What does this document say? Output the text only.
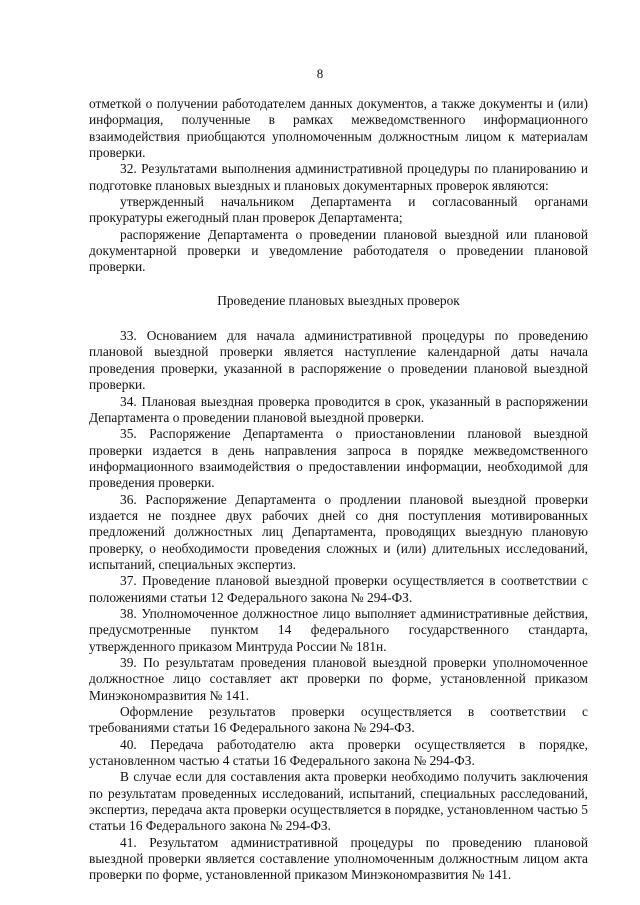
8

отметкой о получении работодателем данных документов, а также документы и (или) информация, полученные в рамках межведомственного информационного взаимодействия приобщаются уполномоченным должностным лицом к материалам проверки.

32. Результатами выполнения административной процедуры по планированию и подготовке плановых выездных и плановых документарных проверок являются:

утвержденный начальником Департамента и согласованный органами прокуратуры ежегодный план проверок Департамента;

распоряжение Департамента о проведении плановой выездной или плановой документарной проверки и уведомление работодателя о проведении плановой проверки.

Проведение плановых выездных проверок

33. Основанием для начала административной процедуры по проведению плановой выездной проверки является наступление календарной даты начала проведения проверки, указанной в распоряжение о проведении плановой выездной проверки.

34. Плановая выездная проверка проводится в срок, указанный в распоряжении Департамента о проведении плановой выездной проверки.

35. Распоряжение Департамента о приостановлении плановой выездной проверки издается в день направления запроса в порядке межведомственного информационного взаимодействия о предоставлении информации, необходимой для проведения проверки.

36. Распоряжение Департамента о продлении плановой выездной проверки издается не позднее двух рабочих дней со дня поступления мотивированных предложений должностных лиц Департамента, проводящих выездную плановую проверку, о необходимости проведения сложных и (или) длительных исследований, испытаний, специальных экспертиз.

37. Проведение плановой выездной проверки осуществляется в соответствии с положениями статьи 12 Федерального закона № 294-ФЗ.

38. Уполномоченное должностное лицо выполняет административные действия, предусмотренные пунктом 14 федерального государственного стандарта, утвержденного приказом Минтруда России № 181н.

39. По результатам проведения плановой выездной проверки уполномоченное должностное лицо составляет акт проверки по форме, установленной приказом Минэкономразвития № 141.

Оформление результатов проверки осуществляется в соответствии с требованиями статьи 16 Федерального закона № 294-ФЗ.

40. Передача работодателю акта проверки осуществляется в порядке, установленном частью 4 статьи 16 Федерального закона № 294-ФЗ.

В случае если для составления акта проверки необходимо получить заключения по результатам проведенных исследований, испытаний, специальных расследований, экспертиз, передача акта проверки осуществляется в порядке, установленном частью 5 статьи 16 Федерального закона № 294-ФЗ.

41. Результатом административной процедуры по проведению плановой выездной проверки является составление уполномоченным должностным лицом акта проверки по форме, установленной приказом Минэкономразвития № 141.
